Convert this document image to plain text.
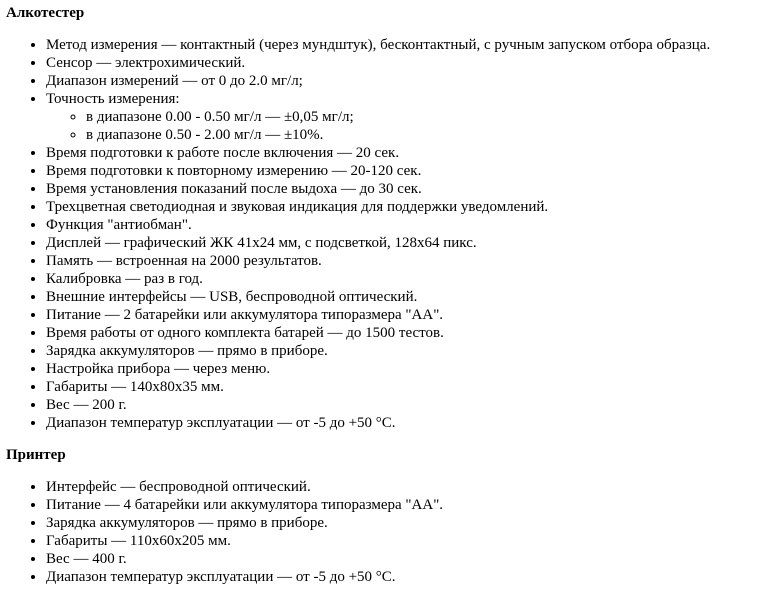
Алкотестер
• Метод измерения — контактный (через мундштук), бесконтактный, с ручным запуском отбора образца.
• Сенсор — электрохимический.
• Диапазон измерений — от 0 до 2.0 мг/л;
• Точность измерения:
◦ в диапазоне 0.00 - 0.50 мг/л — ±0,05 мг/л;
◦ в диапазоне 0.50 - 2.00 мг/л — ±10%.
• Время подготовки к работе после включения — 20 сек.
• Время подготовки к повторному измерению — 20-120 сек.
• Время установления показаний после выдоха — до 30 сек.
• Трехцветная светодиодная и звуковая индикация для поддержки уведомлений.
• Функция "антиобман".
• Дисплей — графический ЖК 41х24 мм, с подсветкой, 128х64 пикс.
• Память — встроенная на 2000 результатов.
• Калибровка — раз в год.
• Внешние интерфейсы — USB, беспроводной оптический.
• Питание — 2 батарейки или аккумулятора типоразмера "АА".
• Время работы от одного комплекта батарей — до 1500 тестов.
• Зарядка аккумуляторов — прямо в приборе.
• Настройка прибора — через меню.
• Габариты — 140х80х35 мм.
• Вес — 200 г.
• Диапазон температур эксплуатации — от -5 до +50 °С.
Принтер
• Интерфейс — беспроводной оптический.
• Питание — 4 батарейки или аккумулятора типоразмера "АА".
• Зарядка аккумуляторов — прямо в приборе.
• Габариты — 110х60х205 мм.
• Вес — 400 г.
• Диапазон температур эксплуатации — от -5 до +50 °С.
